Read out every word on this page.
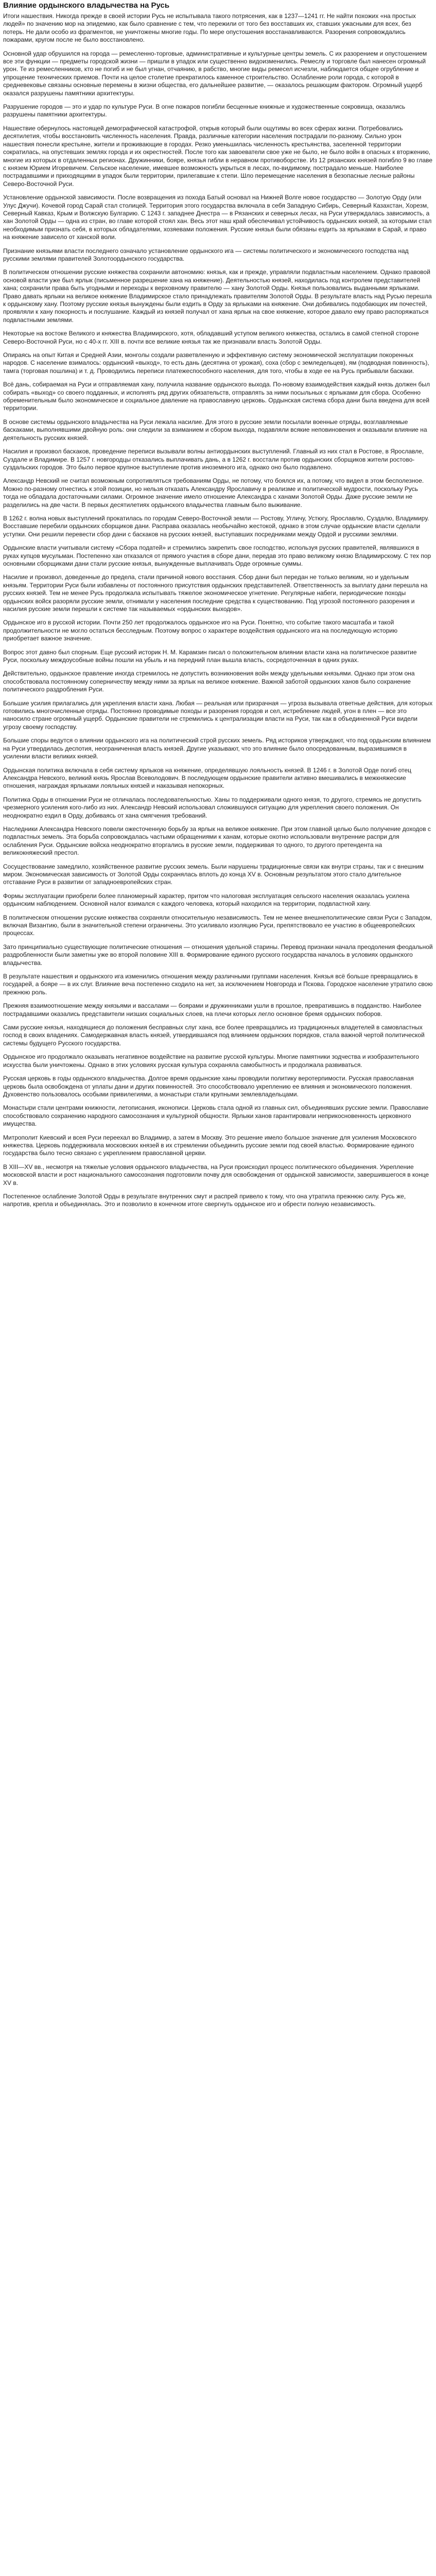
Влияние ордынского владычества на Русь

Итоги нашествия. Никогда прежде в своей истории Русь не испытывала такого потрясения, как в 1237—1241 гг. Не найти похожих «на простых людей» по значению мор на эпидемию, как было сравнение с тем, что пережили от того без восставших их, ставших ужасными для всех, без потерь. Не дали особо из фрагментов, не уничтожены многие годы. По мере опустошения восстанавливаются. Разорения сопровождались пожарами, кругом после не было восстановлено.

Основной удар обрушился на города — ремесленно-торговые, административные и культурные центры земель. С их разорением и опустошением все эти функции — предметы городской жизни — пришли в упадок или существенно видоизменились. Ремеслу и торговле был нанесен огромный урон. Те из ремесленников, кто не погиб и не был угнан, отчаянию, в рабство, многие виды ремесел исчезли, наблюдается общее огрубление и упрощение технических приемов. Почти на целое столетие прекратилось каменное строительство. Ослабление роли города, с которой в средневековье связаны основные перемены в жизни общества, его дальнейшее развитие, — оказалось решающим фактором. Огромный ущерб оказался разрушены памятники архитектуры.

Разрушение городов — это и удар по культуре Руси. В огне пожаров погибли бесценные книжные и художественные сокровища, оказались разрушены памятники архитектуры.

Нашествие обернулось настоящей демографической катастрофой, открыв который были ощутимы во всех сферах жизни. Потребовались десятилетия, чтобы восстановить численность населения. Правда, различные категории населения пострадали по-разному. Сильно урон нашествия понесли крестьяне, жители и проживающие в городах. Резко уменьшилась численность крестьянства, заселенной территории сократилась, на опустевших землях города и их окрестностей. После того как завоеватели свое уже не было, не было войн в опасных к вторжению, многие из которых в отдаленных регионах. Дружинники, бояре, князья гибли в неравном противоборстве. Из 12 рязанских князей погибло 9 во главе с князем Юрием Игоревичем. Сельское население, имевшее возможность укрыться в лесах, по-видимому, пострадало меньше. Наиболее пострадавшими и приходящими в упадок были территории, прилегавшие к степи. Шло перемещение населения в безопасные лесные районы Северо-Восточной Руси.

Установление ордынской зависимости. После возвращения из похода Батый основал на Нижней Волге новое государство — Золотую Орду (или Улус Джучи). Кочевой город Сарай стал столицей. Территория этого государства включала в себя Западную Сибирь, Северный Казахстан, Хорезм, Северный Кавказ, Крым и Волжскую Булгарию. С 1243 г. западнее Днестра — в Рязанских и северных лесах, на Руси утверждалась зависимость, а хан Золотой Орды — одна из стран, во главе которой стоял хан. Весь этот наш край обеспечивал устойчивость ордынских князей, за которыми стал необходимым признать себя, в которых обладателями, хозяевами положения. Русские князья были обязаны ездить за ярлыками в Сарай, и право на княжение зависело от ханской воли.

Признание князьями власти последнего означало установление ордынского ига — системы политического и экономического господства над русскими землями правителей Золотоордынского государства.

В политическом отношении русские княжества сохранили автономию: князья, как и прежде, управляли подвластным населением. Однако правовой основой власти уже был ярлык (письменное разрешение хана на княжение). Деятельностью князей, находилась под контролем представителей хана; сохранили права быть угодными и переходы к верховному правителю — хану Золотой Орды. Князья пользовались выданными ярлыками. Право давать ярлыки на великое княжение Владимирское стало принадлежать правителям Золотой Орды. В результате власть над Русью перешла к ордынскому хану. Поэтому русские князья вынуждены были ездить в Орду за ярлыками на княжение. Они добивались подобающих им почестей, проявляли к хану покорность и послушание. Каждый из князей получал от хана ярлык на свое княжение, которое давало ему право распоряжаться подвластными землями.

Некоторые на востоке Великого и княжества Владимирского, хотя, обладавший уступом великого княжества, остались в самой степной стороне Северо-Восточной Руси, но с 40-х гг. XIII в. почти все великие князья так же признавали власть Золотой Орды.

Опираясь на опыт Китая и Средней Азии, монголы создали разветвленную и эффективную систему экономической эксплуатации покоренных народов. С население взималось: ордынский «выход», то есть дань (десятина от урожая), соха (сбор с земледельцев), ям (подводная повинность), тамга (торговая пошлина) и т. д. Проводились переписи платежеспособного населения, для того, чтобы в ходе ее на Русь прибывали баскаки.

Всё дань, собираемая на Руси и отправляемая хану, получила название ордынского выхода. По-новому взаимодействия каждый князь должен был собирать «выход» со своего подданных, и исполнять ряд других обязательств, отправлять за ними посыльных с ярлыками для сбора. Особенно обременительным было экономическое и социальное давление на православную церковь. Ордынская система сбора дани была введена для всей территории.

В основе системы ордынского владычества на Руси лежала насилие. Для этого в русские земли посылали военные отряды, возглавляемые баскаками, выполнявшими двойную роль: они следили за взиманием и сбором выхода, подавляли всякие неповиновения и оказывали влияние на деятельность русских князей.

Насилия и произвол баскаков, проведение переписи вызывали волны антиордынских выступлений. Главный из них стал в Ростове, в Ярославле, Суздале и Владимире. В 1257 г. новгородцы отказались выплачивать дань, а в 1262 г. восстали против ордынских сборщиков жители ростово-суздальских городов. Это было первое крупное выступление против иноземного ига, однако оно было подавлено.

Александр Невский не считал возможным сопротивляться требованиям Орды, не потому, что боялся их, а потому, что видел в этом бесполезное. Можно по-разному отнестись к этой позиции, но нельзя отказать Александру Ярославичу в реализме и политической мудрости, поскольку Русь тогда не обладала достаточными силами. Огромное значение имело отношение Александра с ханами Золотой Орды. Даже русские земли не разделились на две части. В первых десятилетиях ордынского владычества главным было выживание.

В 1262 г. волна новых выступлений прокатилась по городам Северо-Восточной земли — Ростову, Угличу, Устюгу, Ярославлю, Суздалю, Владимиру. Восставшие перебили ордынских сборщиков дани. Расправа оказалась необычайно жестокой, однако в этом случае ордынские власти сделали уступки. Они решили перевести сбор дани с баскаков на русских князей, выступавших посредниками между Ордой и русскими землями.

Ордынские власти учитывали систему «Сбора податей» и стремились закрепить свое господство, используя русских правителей, являвшихся в руках купцов мусульман. Постепенно хан отказался от прямого участия в сборе дани, передав это право великому князю Владимирскому. С тех пор основными сборщиками дани стали русские князья, вынужденные выплачивать Орде огромные суммы.

Насилие и произвол, доведенные до предела, стали причиной нового восстания. Сбор дани был передан не только великим, но и удельным князьям. Территории Руси были избавлены от постоянного присутствия ордынских представителей. Ответственность за выплату дани перешла на русских князей. Тем не менее Русь продолжала испытывать тяжелое экономическое угнетение. Регулярные набеги, периодические походы ордынских войск разоряли русские земли, отнимали у населения последние средства к существованию. Под угрозой постоянного разорения и насилия русские земли перешли к системе так называемых «ордынских выходов».

Ордынское иго в русской истории. Почти 250 лет продолжалось ордынское иго на Руси. Понятно, что событие такого масштаба и такой продолжительности не могло остаться бесследным. Поэтому вопрос о характере воздействия ордынского ига на последующую историю приобретает важное значение.

Вопрос этот давно был спорным. Еще русский историк Н. М. Карамзин писал о положительном влиянии власти хана на политическое развитие Руси, поскольку междоусобные войны пошли на убыль и на передний план вышла власть, сосредоточенная в одних руках.

Действительно, ордынское правление иногда стремилось не допустить возникновения войн между удельными князьями. Однако при этом она способствовала постоянному соперничеству между ними за ярлык на великое княжение. Важной заботой ордынских ханов было сохранение политического раздробления Руси.

Большие усилия прилагались для укрепления власти хана. Любая — реальная или призрачная — угроза вызывала ответные действия, для которых готовились многочисленные отряды. Постоянно проводимые походы и разорения городов и сел, истребление людей, угон в плен — все это наносило стране огромный ущерб. Ордынские правители не стремились к централизации власти на Руси, так как в объединенной Руси видели угрозу своему господству.

Большие споры ведутся о влиянии ордынского ига на политический строй русских земель. Ряд историков утверждают, что под ордынским влиянием на Руси утвердилась деспотия, неограниченная власть князей. Другие указывают, что это влияние было опосредованным, выразившимся в усилении власти великих князей.

Ордынская политика включала в себя систему ярлыков на княжение, определявшую лояльность князей. В 1246 г. в Золотой Орде погиб отец Александра Невского, великий князь Ярослав Всеволодович. В последующем ордынские правители активно вмешивались в межкняжеские отношения, награждая ярлыками лояльных князей и наказывая непокорных.

Политика Орды в отношении Руси не отличалась последовательностью. Ханы то поддерживали одного князя, то другого, стремясь не допустить чрезмерного усиления кого-либо из них. Александр Невский использовал сложившуюся ситуацию для укрепления своего положения. Он неоднократно ездил в Орду, добиваясь от хана смягчения требований.

Наследники Александра Невского повели ожесточенную борьбу за ярлык на великое княжение. При этом главной целью было получение доходов с подвластных земель. Эта борьба сопровождалась частыми обращениями к ханам, которые охотно использовали внутренние распри для ослабления Руси. Ордынские войска неоднократно вторгались в русские земли, поддерживая то одного, то другого претендента на великокняжеский престол.

Сосуществование замедлило, хозяйственное развитие русских земель. Были нарушены традиционные связи как внутри страны, так и с внешним миром. Экономическая зависимость от Золотой Орды сохранялась вплоть до конца XV в. Основным результатом этого стало длительное отставание Руси в развитии от западноевропейских стран.

Формы эксплуатации приобрели более планомерный характер, притом что налоговая эксплуатация сельского населения оказалась усилена ордынским наблюдением. Основной налог взимался с каждого человека, который находился на территории, подвластной хану.

В политическом отношении русские княжества сохраняли относительную независимость. Тем не менее внешнеполитические связи Руси с Западом, включая Византию, были в значительной степени ограничены. Это усиливало изоляцию Руси, препятствовало ее участию в общеевропейских процессах.

Зато принципиально существующие политические отношения — отношения удельной старины. Перевод признаки начала преодоления феодальной раздробленности были заметны уже во второй половине XIII в. Формирование единого русского государства началось в условиях ордынского владычества.

В результате нашествия и ордынского ига изменились отношения между различными группами населения. Князья всё больше превращались в государей, а бояре — в их слуг. Влияние веча постепенно сходило на нет, за исключением Новгорода и Пскова. Городское население утратило свою прежнюю роль.

Прежняя взаимоотношение между князьями и вассалами — боярами и дружинниками ушли в прошлое, превратившись в подданство. Наиболее пострадавшими оказались представители низших социальных слоев, на плечи которых легло основное бремя ордынских поборов.

Сами русские князья, находящиеся до положения бесправных слуг хана, все более превращались из традиционных владетелей в самовластных господ в своих владениях. Самодержавная власть князей, утвердившаяся под влиянием ордынских порядков, стала важной чертой политической системы будущего Русского государства.

Ордынское иго продолжало оказывать негативное воздействие на развитие русской культуры. Многие памятники зодчества и изобразительного искусства были уничтожены. Однако в этих условиях русская культура сохраняла самобытность и продолжала развиваться.

Русская церковь в годы ордынского владычества. Долгое время ордынские ханы проводили политику веротерпимости. Русская православная церковь была освобождена от уплаты дани и других повинностей. Это способствовало укреплению ее влияния и экономического положения. Духовенство пользовалось особыми привилегиями, а монастыри стали крупными землевладельцами.

Монастыри стали центрами книжности, летописания, иконописи. Церковь стала одной из главных сил, объединявших русские земли. Православие способствовало сохранению народного самосознания и культурной общности. Ярлыки ханов гарантировали неприкосновенность церковного имущества.

Митрополит Киевский и всея Руси переехал во Владимир, а затем в Москву. Это решение имело большое значение для усиления Московского княжества. Церковь поддерживала московских князей в их стремлении объединить русские земли под своей властью. Формирование единого государства было тесно связано с укреплением православной церкви.

В XIII—XV вв., несмотря на тяжелые условия ордынского владычества, на Руси происходил процесс политического объединения. Укрепление московской власти и рост национального самосознания подготовили почву для освобождения от ордынской зависимости, завершившегося в конце XV в.

Постепенное ослабление Золотой Орды в результате внутренних смут и распрей привело к тому, что она утратила прежнюю силу. Русь же, напротив, крепла и объединялась. Это и позволило в конечном итоге свергнуть ордынское иго и обрести полную независимость.
